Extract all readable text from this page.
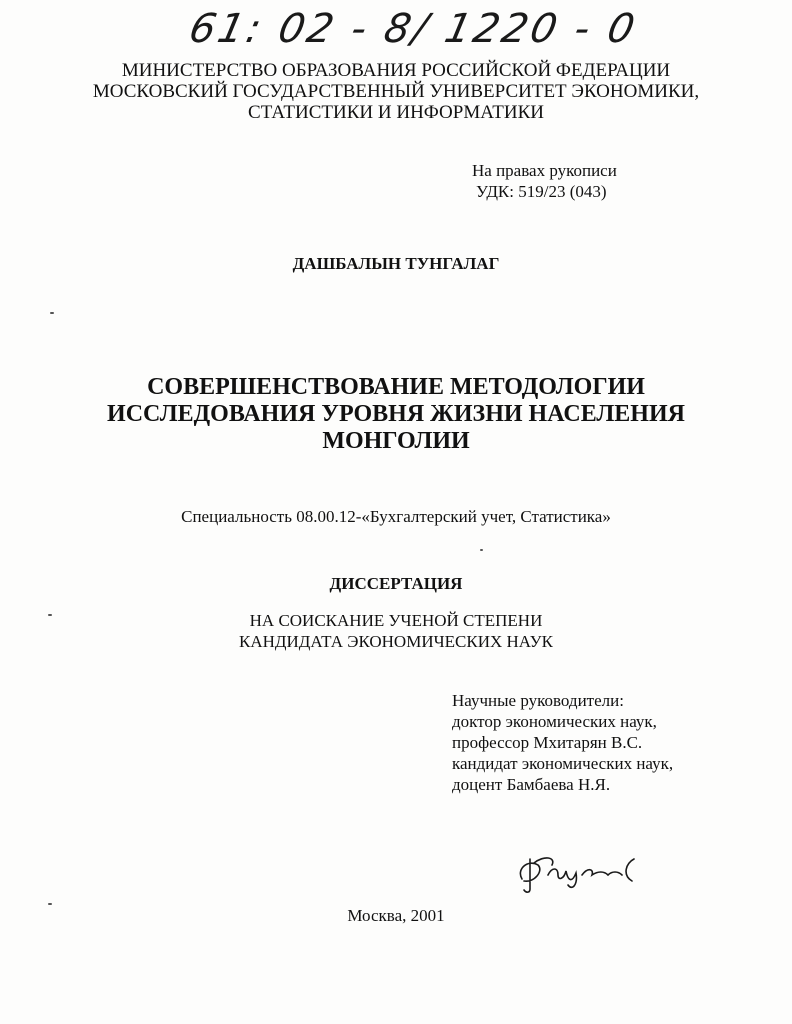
61: 02 - 8/ 1220 - 0
МИНИСТЕРСТВО ОБРАЗОВАНИЯ РОССИЙСКОЙ ФЕДЕРАЦИИ
МОСКОВСКИЙ ГОСУДАРСТВЕННЫЙ УНИВЕРСИТЕТ ЭКОНОМИКИ,
СТАТИСТИКИ И ИНФОРМАТИКИ
На правах рукописи
УДК: 519/23 (043)
ДАШБАЛЫН ТУНГАЛАГ
СОВЕРШЕНСТВОВАНИЕ МЕТОДОЛОГИИ
ИССЛЕДОВАНИЯ УРОВНЯ ЖИЗНИ НАСЕЛЕНИЯ
МОНГОЛИИ
Специальность 08.00.12-«Бухгалтерский учет, Статистика»
ДИССЕРТАЦИЯ
НА СОИСКАНИЕ УЧЕНОЙ СТЕПЕНИ
КАНДИДАТА ЭКОНОМИЧЕСКИХ НАУК
Научные руководители:
доктор экономических наук,
профессор Мхитарян В.С.
кандидат экономических наук,
доцент Бамбаева Н.Я.
Москва, 2001
